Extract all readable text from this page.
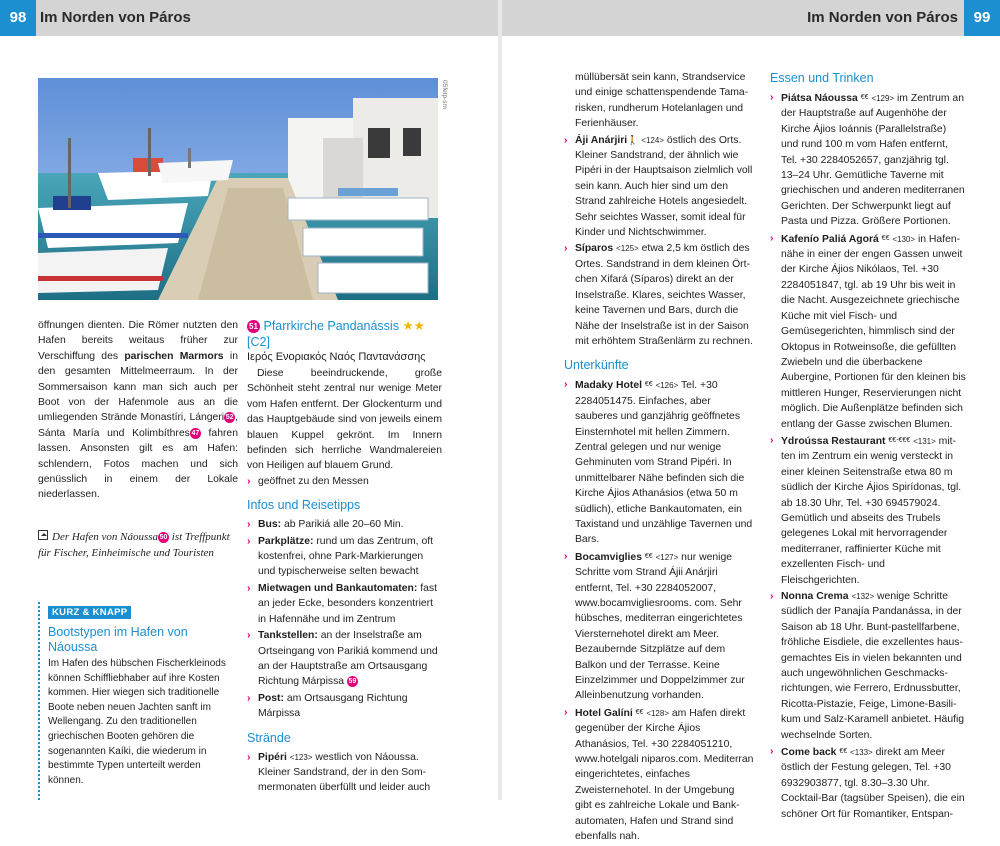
98 Im Norden von Páros
05fetp-sm

öffnungen dienten. Die Römer nutzten den Hafen bereits weitaus früher zur Verschiffung des parischen Marmors in den gesamten Mittelmeerraum. In der Sommersaison kann man sich auch per Boot von der Hafenmole aus an die umliegenden Strände Monastíri, Lángeri 52 , Sánta María und Kolimbíthres 47 fahren lassen. Ansonsten gilt es am Hafen: schlendern, Fotos machen und sich genüsslich in einem der Lokale niederlassen.

Der Hafen von Náoussa 50 ist Treffpunkt für Fischer, Einheimische und Touristen
KURZ & KNAPP
Bootstypen im Hafen von Náoussa
Im Hafen des hübschen Fischerkleinods können Schiffliebhaber auf ihre Kosten kommen. Hier wiegen sich traditionelle Boote neben neuen Jachten sanft im Wellengang. Zu den traditionellen griechischen Booten gehören die sogenannten Kaíki, die wiederum in bestimmte Typen unterteilt werden können.
51 Pfarrkirche Pandanássis ★★ [C2]
Ιερός Ενοριακός Ναός Παντανάσσης

Diese beeindruckende, große Schönheit steht zentral nur wenige Meter vom Hafen entfernt. Der Glockenturm und das Hauptgebäude sind von jeweils einem blauen Kuppel gekrönt. Im Innern befinden sich herrliche Wandmalereien von Heiligen auf blauem Grund.

› geöffnet zu den Messen
Infos und Reisetipps
› Bus: ab Parikiá alle 20–60 Min.
› Parkplätze: rund um das Zentrum, oft kostenfrei, ohne Park-Markierungen und typischerweise selten bewacht
› Mietwagen und Bankautomaten: fast an jeder Ecke, besonders konzentriert in Hafennähe und im Zentrum
› Tankstellen: an der Inselstraße am Ortseingang von Parikiá kommend und an der Hauptstraße am Ortsausgang Richtung Márpissa 59
› Post: am Ortsausgang Richtung Márpissa
Strände
› Pipéri <123> westlich von Náoussa. Kleiner Sandstrand, der in den Sommermonaten überfüllt und leider auch
Im Norden von Páros	99

müllübersät sein kann, Strandservice und einige schattenspendende Tamarisken, rundherum Hotelanlagen und Ferienhäuser.

› Áji Anárjiri🚶 <124> östlich des Orts. Kleiner Sandstrand, der ähnlich wie Pipéri in der Hauptsaison zielmlich voll sein kann. Auch hier sind um den Strand zahlreiche Hotels angesiedelt. Sehr seichtes Wasser, somit ideal für Kinder und Nichtschwimmer.
› Síparos <125> etwa 2,5 km östlich des Ortes. Sandstrand in dem kleinen Örtchen Xifará (Síparos) direkt an der Inselstraße. Klares, seichtes Wasser, keine Tavernen und Bars, durch die Nähe der Inselstraße ist in der Saison mit erhöhtem Straßenlärm zu rechnen.
Unterkünfte
› Madaky Hotel €€ <126> Tel. +30 2284051475. Einfaches, aber sauberes und ganzjährig geöffnetes Einsternhotel mit hellen Zimmern. Zentral gelegen und nur wenige Gehminuten vom Strand Pipéri. In unmittelbarer Nähe befinden sich die Kirche Ájios Athanásios (etwa 50 m südlich), etliche Bankautomaten, ein Taxistand und unzählige Tavernen und Bars.
› Bocamviglies €€ <127> nur wenige Schritte vom Strand Ájii Anárjiri entfernt, Tel. +30 2284052007, www.bocamvigliesrooms. com. Sehr hübsches, mediterran eingerichtetes Viersternehotel direkt am Meer. Bezaubernde Sitzplätze auf dem Balkon und der Terrasse. Keine Einzelzimmer und Doppelzimmer zur Alleinbenutzung vorhanden.
› Hotel Galíni €€ <128> am Hafen direkt gegenüber der Kirche Ájios Athanásios, Tel. +30 2284051210, www.hotelgali niparos.com. Mediterran eingerichtetes, einfaches Zweisternehotel. In der Umgebung gibt es zahlreiche Lokale und Bankautomaten, Hafen und Strand sind ebenfalls nah.
Essen und Trinken
› Piátsa Náoussa €€ <129> im Zentrum an der Hauptstraße auf Augenhöhe der Kirche Ájios Ioánnis (Parallelstraße) und rund 100 m vom Hafen entfernt, Tel. +30 2284052657, ganzjährig tgl. 13–24 Uhr. Gemütliche Taverne mit griechischen und anderen mediterranen Gerichten. Der Schwerpunkt liegt auf Pasta und Pizza. Größere Portionen.
› Kafenío Paliá Agorá €€ <130> in Hafennähe in einer der engen Gassen unweit der Kirche Ájios Nikólaos, Tel. +30 2284051847, tgl. ab 19 Uhr bis weit in die Nacht. Ausgezeichnete griechische Küche mit viel Fisch- und Gemüsegerichten, himmlisch sind der Oktopus in Rotweinsoße, die gefüllten Zwiebeln und die überbackene Aubergine, Portionen für den kleinen bis mittleren Hunger, Reservierungen nicht möglich. Die Außenplätze befinden sich entlang der Gasse zwischen Blumen.
› Ydroússa Restaurant €€-€€€ <131> mitten im Zentrum ein wenig versteckt in einer kleinen Seitenstraße etwa 80 m südlich der Kirche Ájios Spirídonas, tgl. ab 18.30 Uhr, Tel. +30 694579024. Gemütlich und abseits des Trubels gelegenes Lokal mit hervorragender mediterraner, raffinierter Küche mit exzellenten Fisch- und Fleischgerichten.
› Nonna Crema <132> wenige Schritte südlich der Panajía Pandanássa, in der Saison ab 18 Uhr. Bunt-pastellfarbene, fröhliche Eisdiele, die exzellentes hausgemachtes Eis in vielen bekannten und auch ungewöhnlichen Geschmacksrichtungen, wie Ferrero, Erdnussbutter, Ricotta-Pistazie, Feige, Limone-Basilikum und Salz-Karamell anbietet. Häufig wechselnde Sorten.
› Come back €€ <133> direkt am Meer östlich der Festung gelegen, Tel. +30 6932903877, tgl. 8.30–3.30 Uhr. Cocktail-Bar (tagsüber Speisen), die ein schöner Ort für Romantiker, Entspan-
